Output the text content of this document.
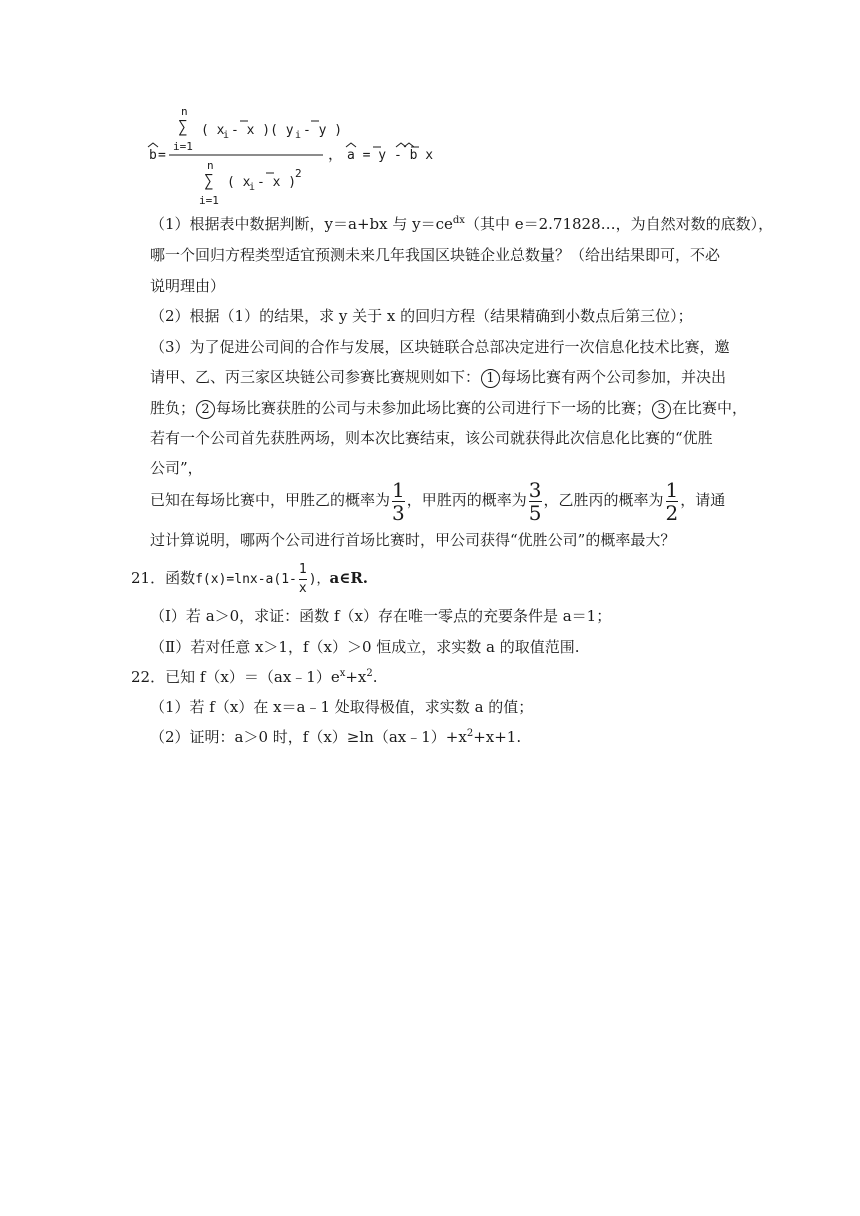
b =
n
∑
i=1
( x
i - x )( y i - y )
n
∑
i=1
( x
i - x )
2
， a = y - b x
（1）根据表中数据判断，y＝a+bx 与 $y=ce^{dx}$（其中 e＝2.71828…，为自然对数的底数），
哪一个回归方程类型适宜预测未来几年我国区块链企业总数量？（给出结果即可，不必
说明理由）
（2）根据（1）的结果，求 y 关于 x 的回归方程（结果精确到小数点后第三位）；
（3）为了促进公司间的合作与发展，区块链联合总部决定进行一次信息化技术比赛，邀
请甲、乙、丙三家区块链公司参赛比赛规则如下： 1 每场比赛有两个公司参加，并决出
胜负； 2 每场比赛获胜的公司与未参加此场比赛的公司进行下一场的比赛； 3 在比赛中，
若有一个公司首先获胜两场，则本次比赛结束，该公司就获得此次信息化比赛的“优胜
公司”，
已知在每场比赛中，甲胜乙的概率为 $\frac{1}{3}$ ，甲胜丙的概率为 $\frac{3}{5}$ ，乙胜丙的概率为 $\frac{1}{2}$ ，请通
过计算说明，哪两个公司进行首场比赛时，甲公司获得“优胜公司”的概率最大？
21．函数$f(x)=\ln x-a(1- \frac{1}{x}$ )，a∈R.
（Ⅰ）若 a＞0，求证：函数 f（x）存在唯一零点的充要条件是 a＝1；
（Ⅱ）若对任意 x＞1，f（x）＞0 恒成立，求实数 a 的取值范围.
22．已知 $f(x)=(ax﹣1)e^x+x^2$.
（1）若 f（x）在 x＝a﹣1 处取得极值，求实数 a 的值；
（2）证明：a＞0 时，$f(x)\ge\ln(ax﹣1)+x^2+x+1$.
